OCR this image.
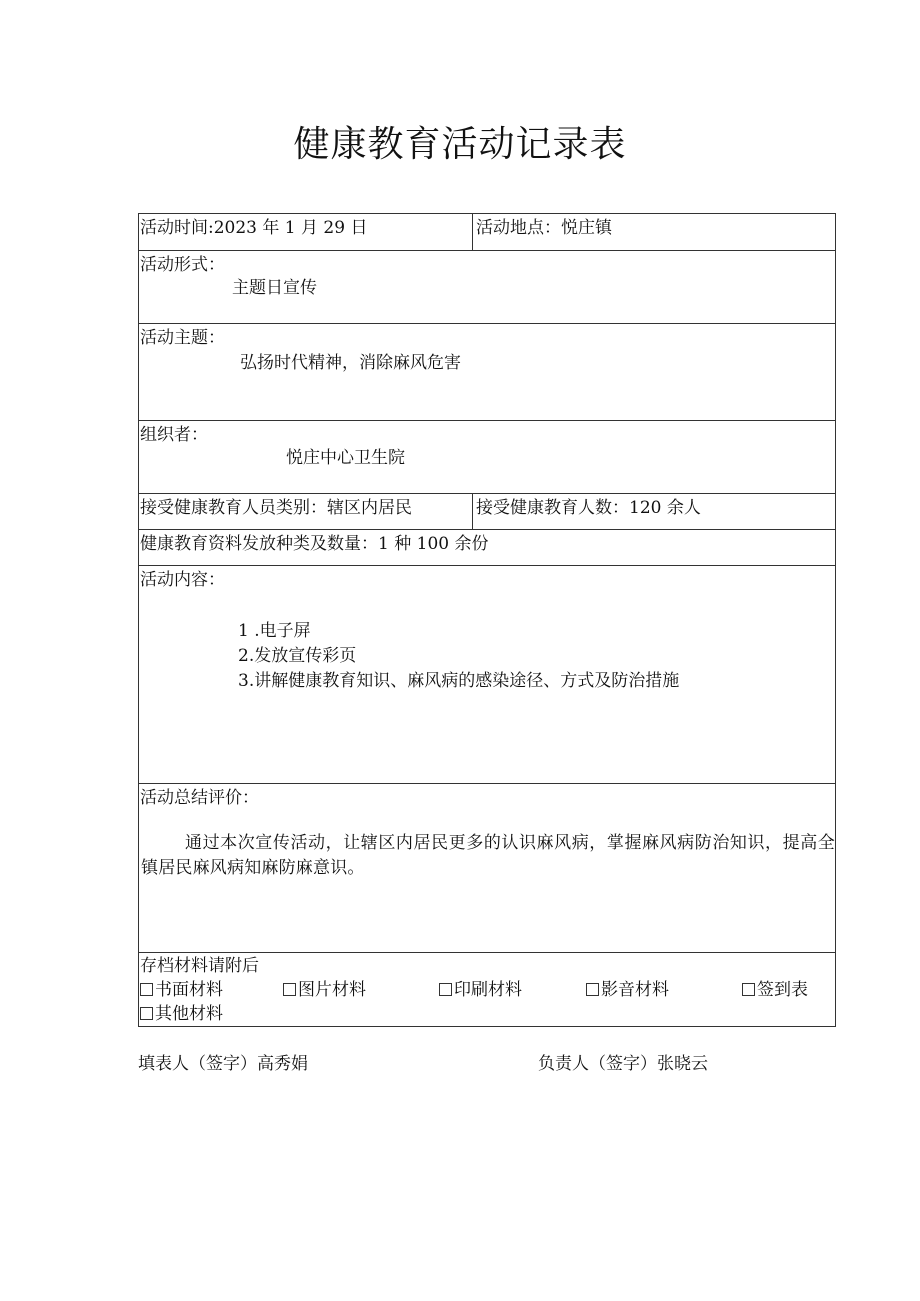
健康教育活动记录表
活动时间:2023 年 1 月 29 日	活动地点：悦庄镇
活动形式：
主题日宣传
活动主题：
弘扬时代精神，消除麻风危害
组织者：
悦庄中心卫生院
接受健康教育人员类别：辖区内居民	接受健康教育人数：120 余人
健康教育资料发放种类及数量：1 种 100 余份
活动内容：
1 .电子屏
2.发放宣传彩页
3.讲解健康教育知识、麻风病的感染途径、方式及防治措施
活动总结评价：
通过本次宣传活动，让辖区内居民更多的认识麻风病，掌握麻风病防治知识，提高全镇居民麻风病知麻防麻意识。
存档材料请附后
书面材料	图片材料	印刷材料	影音材料	签到表
其他材料
填表人（签字）高秀娟	负责人（签字）张晓云
